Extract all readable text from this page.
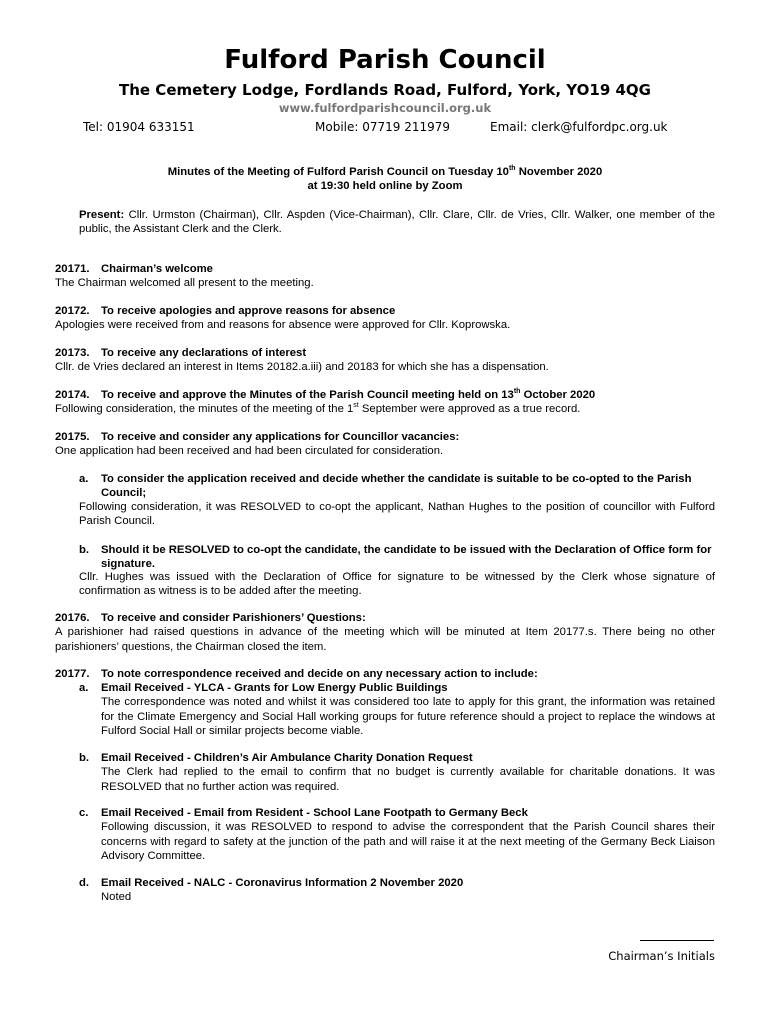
Fulford Parish Council
The Cemetery Lodge, Fordlands Road, Fulford, York, YO19 4QG
www.fulfordparishcouncil.org.uk
Tel: 01904 633151	Mobile: 07719 211979	Email: clerk@fulfordpc.org.uk
Minutes of the Meeting of Fulford Parish Council on Tuesday 10th November 2020
at 19:30 held online by Zoom
Present: Cllr. Urmston (Chairman), Cllr. Aspden (Vice-Chairman), Cllr. Clare, Cllr. de Vries, Cllr. Walker, one member of the public, the Assistant Clerk and the Clerk.
20171. Chairman’s welcome
The Chairman welcomed all present to the meeting.
20172. To receive apologies and approve reasons for absence
Apologies were received from and reasons for absence were approved for Cllr. Koprowska.
20173. To receive any declarations of interest
Cllr. de Vries declared an interest in Items 20182.a.iii) and 20183 for which she has a dispensation.
20174. To receive and approve the Minutes of the Parish Council meeting held on 13th October 2020
Following consideration, the minutes of the meeting of the 1st September were approved as a true record.
20175. To receive and consider any applications for Councillor vacancies:
One application had been received and had been circulated for consideration.
a. To consider the application received and decide whether the candidate is suitable to be co-opted to the Parish Council;
Following consideration, it was RESOLVED to co-opt the applicant, Nathan Hughes to the position of councillor with Fulford Parish Council.
b. Should it be RESOLVED to co-opt the candidate, the candidate to be issued with the Declaration of Office form for signature.
Cllr. Hughes was issued with the Declaration of Office for signature to be witnessed by the Clerk whose signature of confirmation as witness is to be added after the meeting.
20176. To receive and consider Parishioners’ Questions:
A parishioner had raised questions in advance of the meeting which will be minuted at Item 20177.s. There being no other parishioners’ questions, the Chairman closed the item.
20177. To note correspondence received and decide on any necessary action to include:
a. Email Received - YLCA - Grants for Low Energy Public Buildings
The correspondence was noted and whilst it was considered too late to apply for this grant, the information was retained for the Climate Emergency and Social Hall working groups for future reference should a project to replace the windows at Fulford Social Hall or similar projects become viable.
b. Email Received - Children’s Air Ambulance Charity Donation Request
The Clerk had replied to the email to confirm that no budget is currently available for charitable donations. It was RESOLVED that no further action was required.
c. Email Received - Email from Resident - School Lane Footpath to Germany Beck
Following discussion, it was RESOLVED to respond to advise the correspondent that the Parish Council shares their concerns with regard to safety at the junction of the path and will raise it at the next meeting of the Germany Beck Liaison Advisory Committee.
d. Email Received - NALC - Coronavirus Information 2 November 2020
Noted
Chairman’s Initials
